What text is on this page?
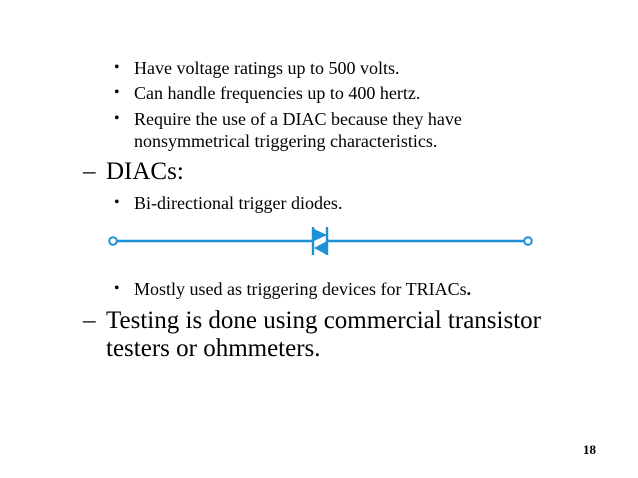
• Have voltage ratings up to 500 volts.
• Can handle frequencies up to 400 hertz.
• Require the use of a DIAC because they have
nonsymmetrical triggering characteristics.
– DIACs:
• Bi-directional trigger diodes.
• Mostly used as triggering devices for TRIACs.
– Testing is done using commercial transistor
testers or ohmmeters.
18
